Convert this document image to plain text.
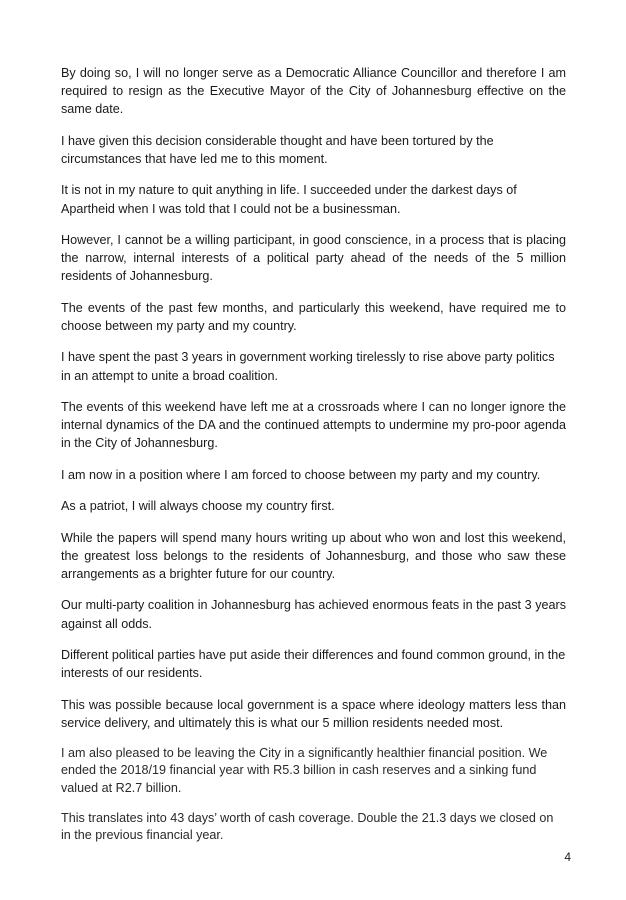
By doing so, I will no longer serve as a Democratic Alliance Councillor and therefore I am required to resign as the Executive Mayor of the City of Johannesburg effective on the same date.

I have given this decision considerable thought and have been tortured by the circumstances that have led me to this moment.

It is not in my nature to quit anything in life. I succeeded under the darkest days of Apartheid when I was told that I could not be a businessman.

However, I cannot be a willing participant, in good conscience, in a process that is placing the narrow, internal interests of a political party ahead of the needs of the 5 million residents of Johannesburg.

The events of the past few months, and particularly this weekend, have required me to choose between my party and my country.

I have spent the past 3 years in government working tirelessly to rise above party politics in an attempt to unite a broad coalition.

The events of this weekend have left me at a crossroads where I can no longer ignore the internal dynamics of the DA and the continued attempts to undermine my pro-poor agenda in the City of Johannesburg.

I am now in a position where I am forced to choose between my party and my country.

As a patriot, I will always choose my country first.

While the papers will spend many hours writing up about who won and lost this weekend, the greatest loss belongs to the residents of Johannesburg, and those who saw these arrangements as a brighter future for our country.

Our multi-party coalition in Johannesburg has achieved enormous feats in the past 3 years against all odds.

Different political parties have put aside their differences and found common ground, in the interests of our residents.

This was possible because local government is a space where ideology matters less than service delivery, and ultimately this is what our 5 million residents needed most.

I am also pleased to be leaving the City in a significantly healthier financial position. We ended the 2018/19 financial year with R5.3 billion in cash reserves and a sinking fund valued at R2.7 billion.

This translates into 43 days’ worth of cash coverage. Double the 21.3 days we closed on in the previous financial year.

4
